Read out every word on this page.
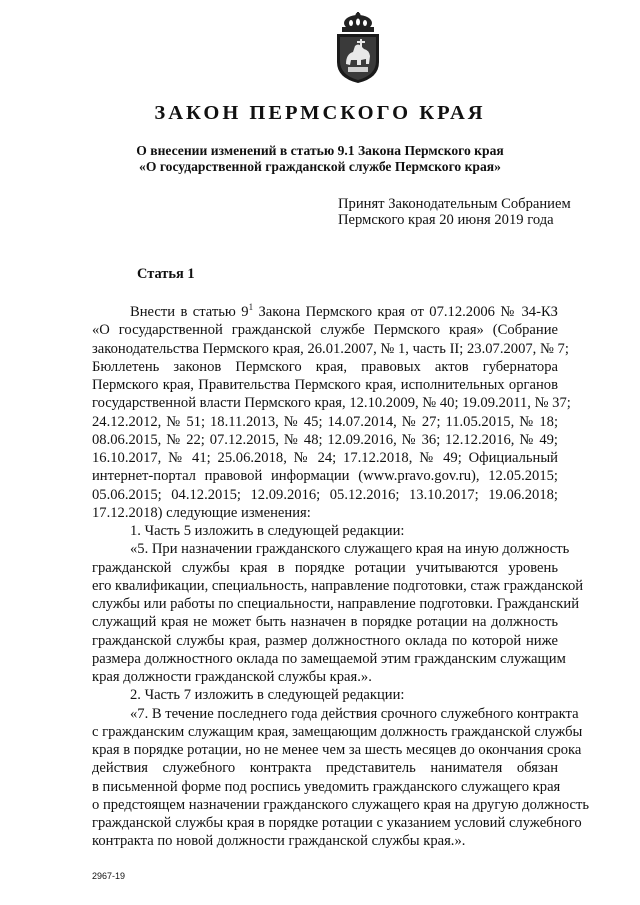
ЗАКОН ПЕРМСКОГО КРАЯ
О внесении изменений в статью 9.1 Закона Пермского края
«О государственной гражданской службе Пермского края»
Принят Законодательным Собранием
Пермского края 20 июня 2019 года
Статья 1
Внести в статью $9^1$ Закона Пермского края от 07.12.2006 № 34-КЗ
«О государственной гражданской службе Пермского края» (Собрание
законодательства Пермского края, 26.01.2007, № 1, часть II; 23.07.2007, № 7;
Бюллетень законов Пермского края, правовых актов губернатора
Пермского края, Правительства Пермского края, исполнительных органов
государственной власти Пермского края, 12.10.2009, № 40; 19.09.2011, № 37;
24.12.2012, № 51; 18.11.2013, № 45; 14.07.2014, № 27; 11.05.2015, № 18;
08.06.2015, № 22; 07.12.2015, № 48; 12.09.2016, № 36; 12.12.2016, № 49;
16.10.2017, № 41; 25.06.2018, № 24; 17.12.2018, № 49; Официальный
интернет-портал правовой информации (www.pravo.gov.ru), 12.05.2015;
05.06.2015; 04.12.2015; 12.09.2016; 05.12.2016; 13.10.2017; 19.06.2018;
17.12.2018) следующие изменения:
1. Часть 5 изложить в следующей редакции:
«5. При назначении гражданского служащего края на иную должность
гражданской службы края в порядке ротации учитываются уровень
его квалификации, специальность, направление подготовки, стаж гражданской
службы или работы по специальности, направление подготовки. Гражданский
служащий края не может быть назначен в порядке ротации на должность
гражданской службы края, размер должностного оклада по которой ниже
размера должностного оклада по замещаемой этим гражданским служащим
края должности гражданской службы края.».
2. Часть 7 изложить в следующей редакции:
«7. В течение последнего года действия срочного служебного контракта
с гражданским служащим края, замещающим должность гражданской службы
края в порядке ротации, но не менее чем за шесть месяцев до окончания срока
действия служебного контракта представитель нанимателя обязан
в письменной форме под роспись уведомить гражданского служащего края
о предстоящем назначении гражданского служащего края на другую должность
гражданской службы края в порядке ротации с указанием условий служебного
контракта по новой должности гражданской службы края.».
2967-19
